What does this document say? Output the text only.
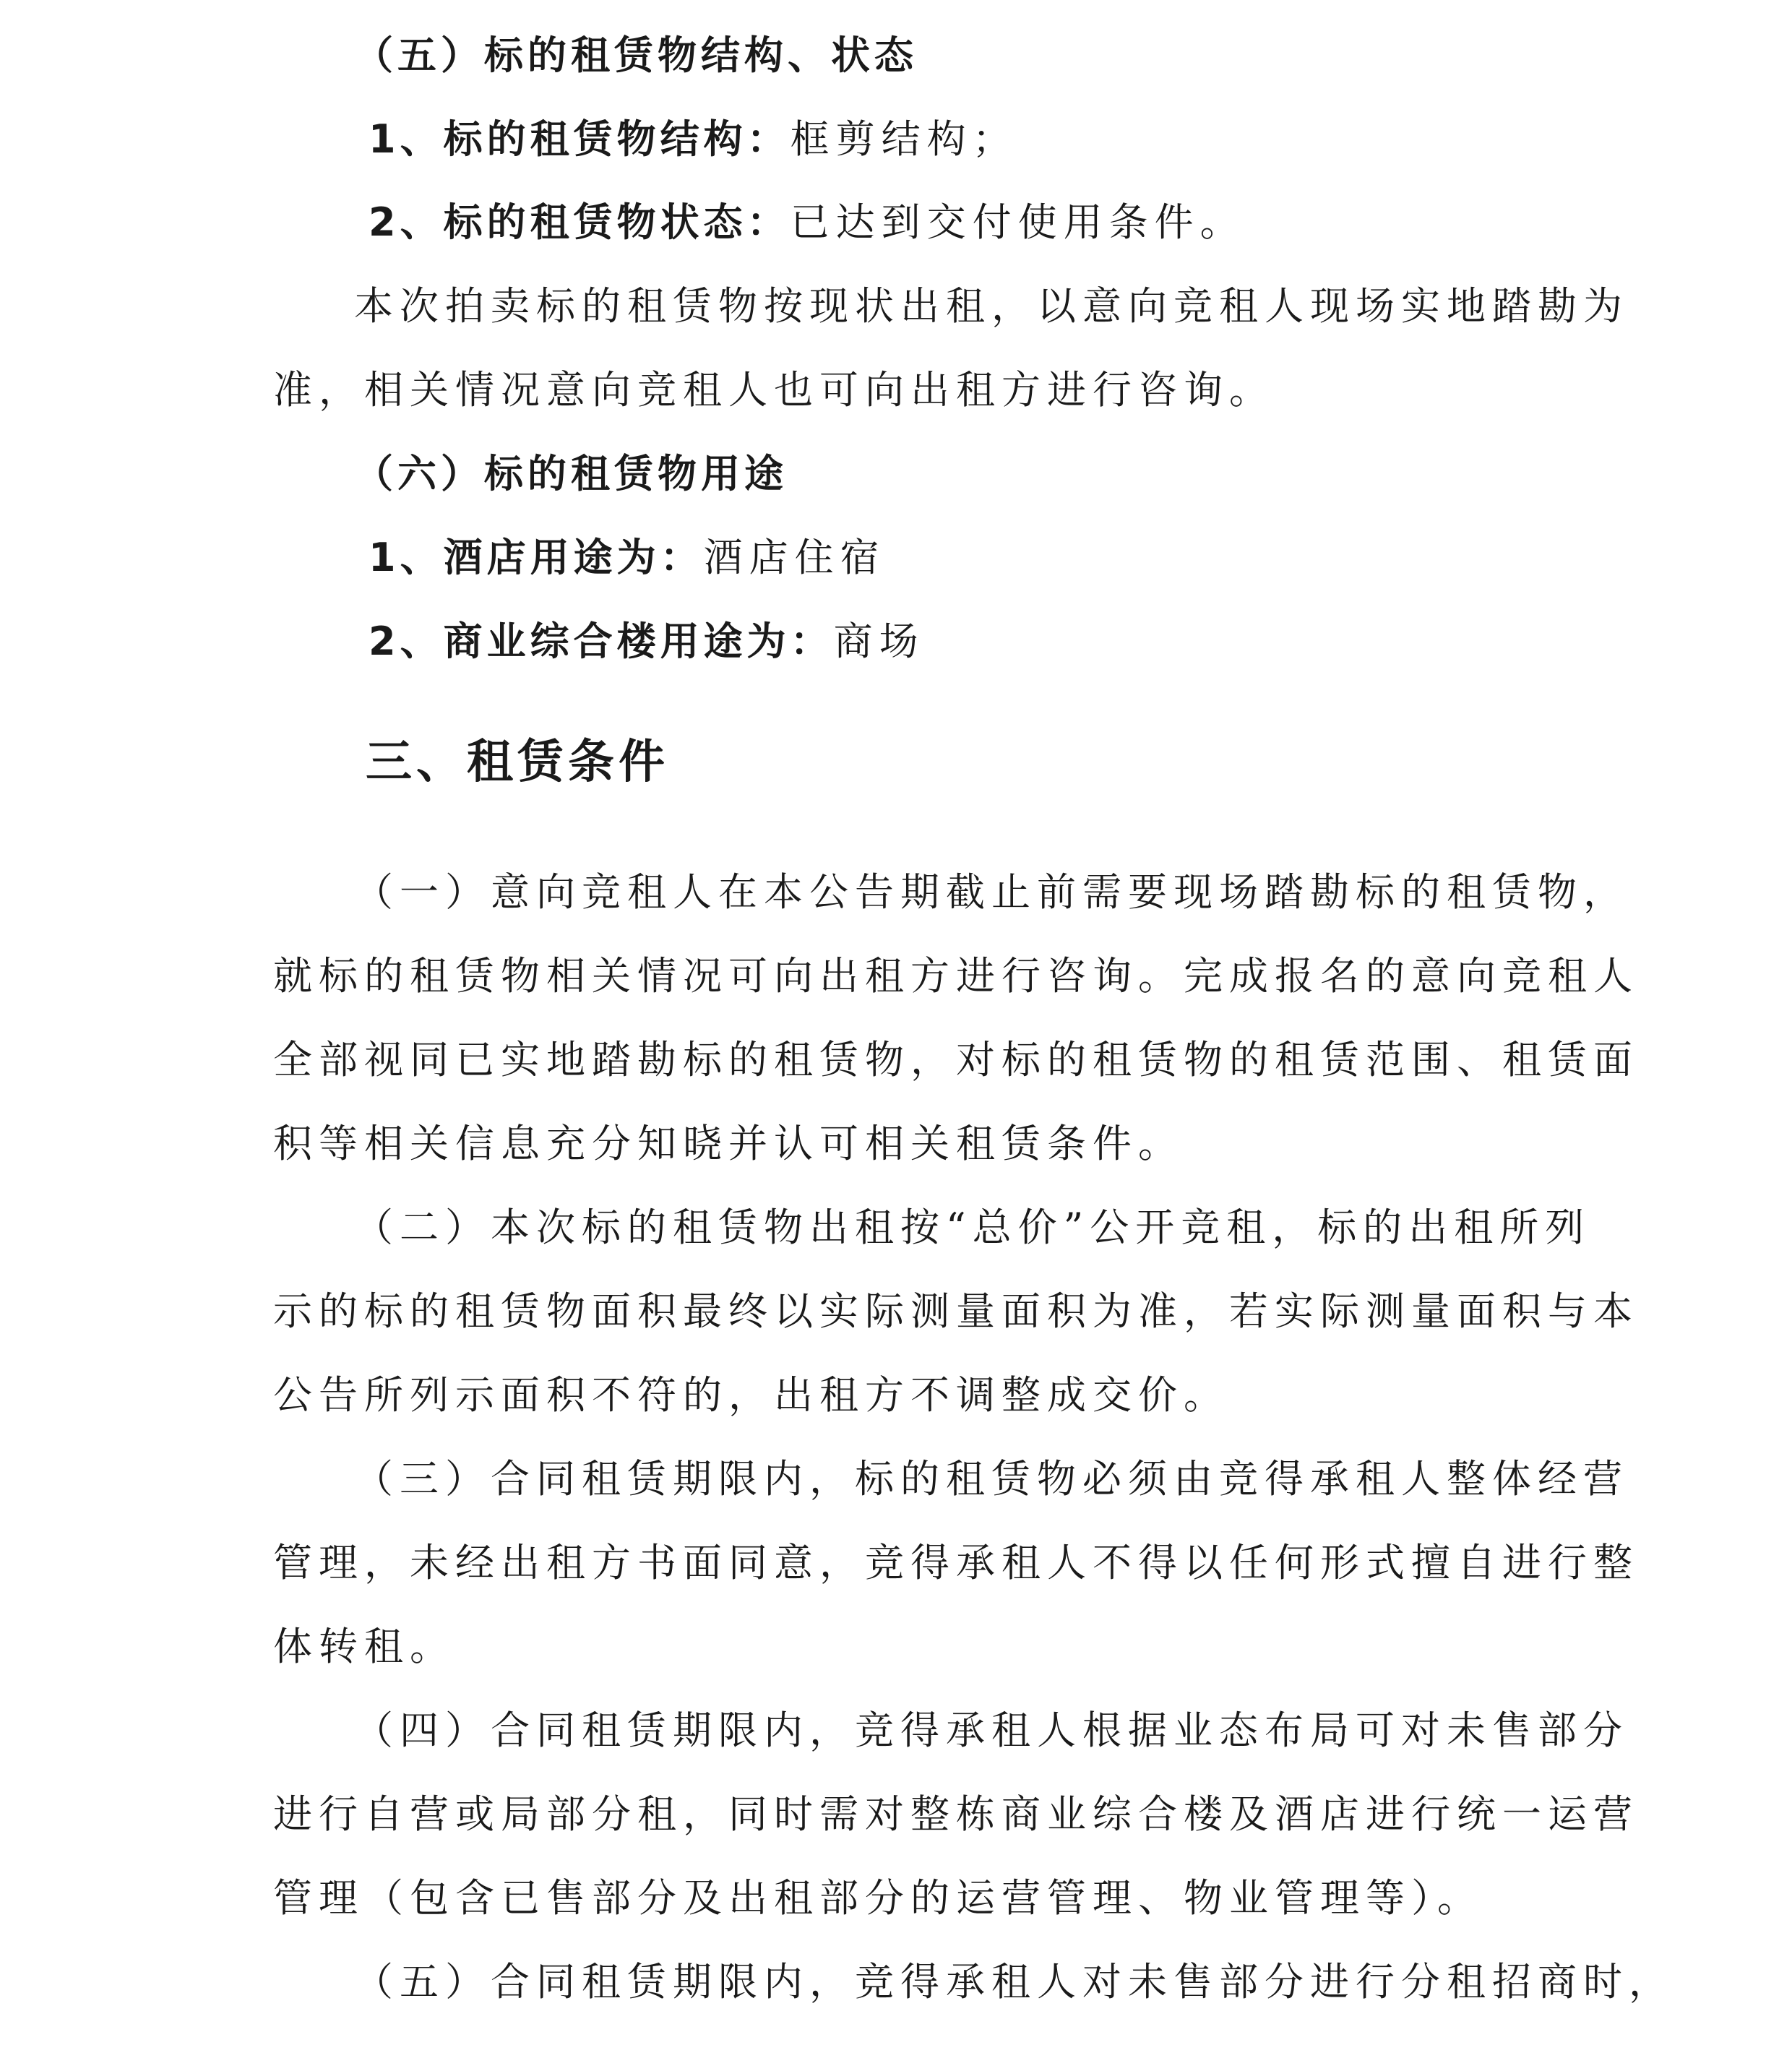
（五）标的租赁物结构、状态
1、标的租赁物结构：框剪结构；
2、标的租赁物状态：已达到交付使用条件。
本次拍卖标的租赁物按现状出租，以意向竞租人现场实地踏勘为
准，相关情况意向竞租人也可向出租方进行咨询。
（六）标的租赁物用途
1、酒店用途为：酒店住宿
2、商业综合楼用途为：商场
三、租赁条件
（一）意向竞租人在本公告期截止前需要现场踏勘标的租赁物，
就标的租赁物相关情况可向出租方进行咨询。完成报名的意向竞租人
全部视同已实地踏勘标的租赁物，对标的租赁物的租赁范围、租赁面
积等相关信息充分知晓并认可相关租赁条件。
（二）本次标的租赁物出租按“总价”公开竞租，标的出租所列
示的标的租赁物面积最终以实际测量面积为准，若实际测量面积与本
公告所列示面积不符的，出租方不调整成交价。
（三）合同租赁期限内，标的租赁物必须由竞得承租人整体经营
管理，未经出租方书面同意，竞得承租人不得以任何形式擅自进行整
体转租。
（四）合同租赁期限内，竞得承租人根据业态布局可对未售部分
进行自营或局部分租，同时需对整栋商业综合楼及酒店进行统一运营
管理（包含已售部分及出租部分的运营管理、物业管理等）。
（五）合同租赁期限内，竞得承租人对未售部分进行分租招商时，
